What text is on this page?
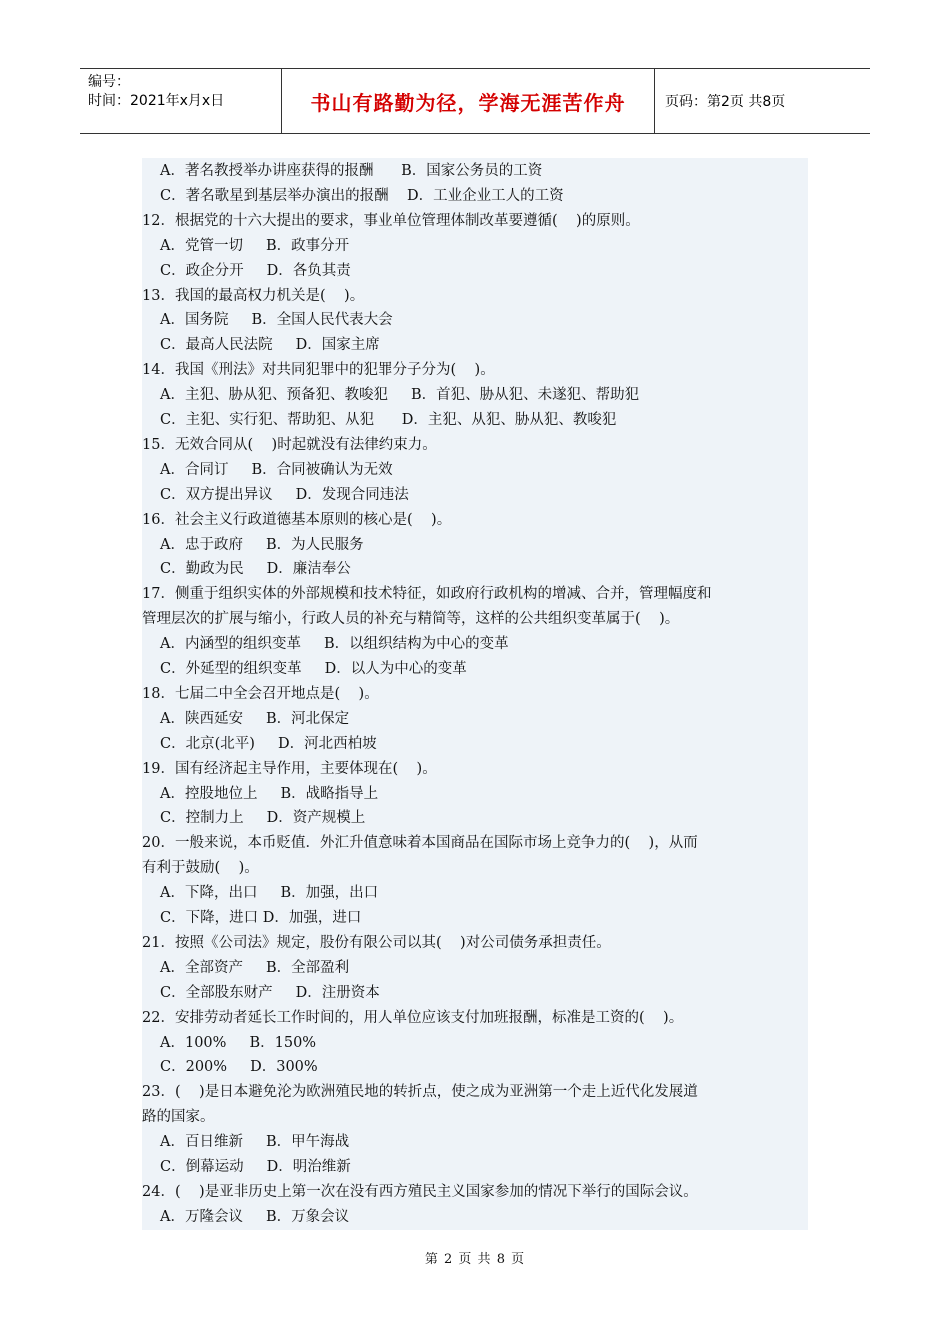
编号：
时间：2021年x月x日	书山有路勤为径，学海无涯苦作舟	页码：第2页 共8页
A．著名教授举办讲座获得的报酬      B．国家公务员的工资
C．著名歌星到基层举办演出的报酬    D．工业企业工人的工资
12．根据党的十六大提出的要求，事业单位管理体制改革要遵循(    )的原则。
A．党管一切     B．政事分开
C．政企分开     D．各负其责
13．我国的最高权力机关是(    )。
A．国务院     B．全国人民代表大会
C．最高人民法院     D．国家主席
14．我国《刑法》对共同犯罪中的犯罪分子分为(    )。
A．主犯、胁从犯、预备犯、教唆犯     B．首犯、胁从犯、未遂犯、帮助犯
C．主犯、实行犯、帮助犯、从犯      D．主犯、从犯、胁从犯、教唆犯
15．无效合同从(    )时起就没有法律约束力。
A．合同订     B．合同被确认为无效
C．双方提出异议     D．发现合同违法
16．社会主义行政道德基本原则的核心是(    )。
A．忠于政府     B．为人民服务
C．勤政为民     D．廉洁奉公
17．侧重于组织实体的外部规模和技术特征，如政府行政机构的增减、合并，管理幅度和
管理层次的扩展与缩小，行政人员的补充与精简等，这样的公共组织变革属于(    )。
A．内涵型的组织变革     B．以组织结构为中心的变革
C．外延型的组织变革     D．以人为中心的变革
18．七届二中全会召开地点是(    )。
A．陕西延安     B．河北保定
C．北京(北平)     D．河北西柏坡
19．国有经济起主导作用，主要体现在(    )。
A．控股地位上     B．战略指导上
C．控制力上     D．资产规模上
20．一般来说，本币贬值．外汇升值意味着本国商品在国际市场上竞争力的(    )，从而
有利于鼓励(    )。
A．下降，出口     B．加强，出口
C．下降，进口 D．加强，进口
21．按照《公司法》规定，股份有限公司以其(    )对公司债务承担责任。
A．全部资产     B．全部盈利
C．全部股东财产     D．注册资本
22．安排劳动者延长工作时间的，用人单位应该支付加班报酬，标准是工资的(    )。
A．100%     B．150%
C．200%     D．300%
23．(    )是日本避免沦为欧洲殖民地的转折点，使之成为亚洲第一个走上近代化发展道
路的国家。
A．百日维新     B．甲午海战
C．倒幕运动     D．明治维新
24．(    )是亚非历史上第一次在没有西方殖民主义国家参加的情况下举行的国际会议。
A．万隆会议     B．万象会议
第 2 页 共 8 页
